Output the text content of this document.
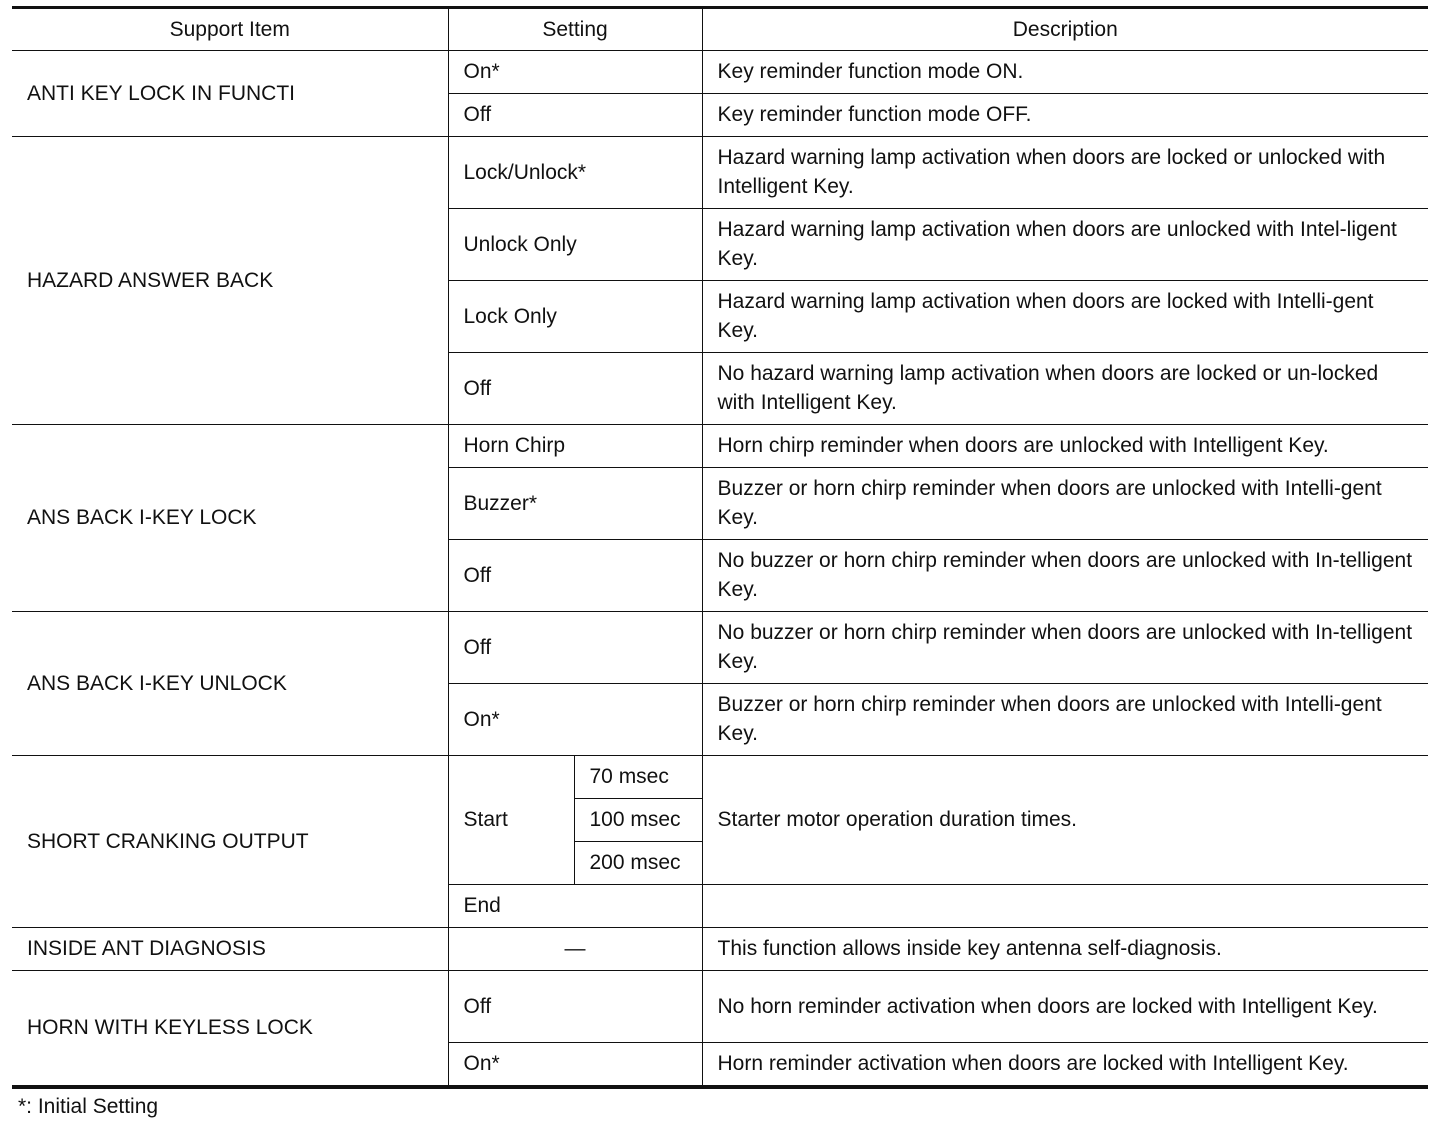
Support Item	Setting		Description
ANTI KEY LOCK IN FUNCTI	On*		Key reminder function mode ON.
	Off		Key reminder function mode OFF.
HAZARD ANSWER BACK	Lock/Unlock*		Hazard warning lamp activation when doors are locked or unlocked with Intelligent Key.
	Unlock Only		Hazard warning lamp activation when doors are unlocked with Intel-ligent Key.
	Lock Only		Hazard warning lamp activation when doors are locked with Intelli-gent Key.
	Off		No hazard warning lamp activation when doors are locked or un-locked with Intelligent Key.
ANS BACK I-KEY LOCK	Horn Chirp		Horn chirp reminder when doors are unlocked with Intelligent Key.
	Buzzer*		Buzzer or horn chirp reminder when doors are unlocked with Intelli-gent Key.
	Off		No buzzer or horn chirp reminder when doors are unlocked with In-telligent Key.
ANS BACK I-KEY UNLOCK	Off		No buzzer or horn chirp reminder when doors are unlocked with In-telligent Key.
	On*		Buzzer or horn chirp reminder when doors are unlocked with Intelli-gent Key.
SHORT CRANKING OUTPUT	Start	70 msec	Starter motor operation duration times.
		100 msec	
		200 msec	
	End		
INSIDE ANT DIAGNOSIS	—		This function allows inside key antenna self-diagnosis.
HORN WITH KEYLESS LOCK	Off		No horn reminder activation when doors are locked with Intelligent Key.
	On*		Horn reminder activation when doors are locked with Intelligent Key.
*: Initial Setting
